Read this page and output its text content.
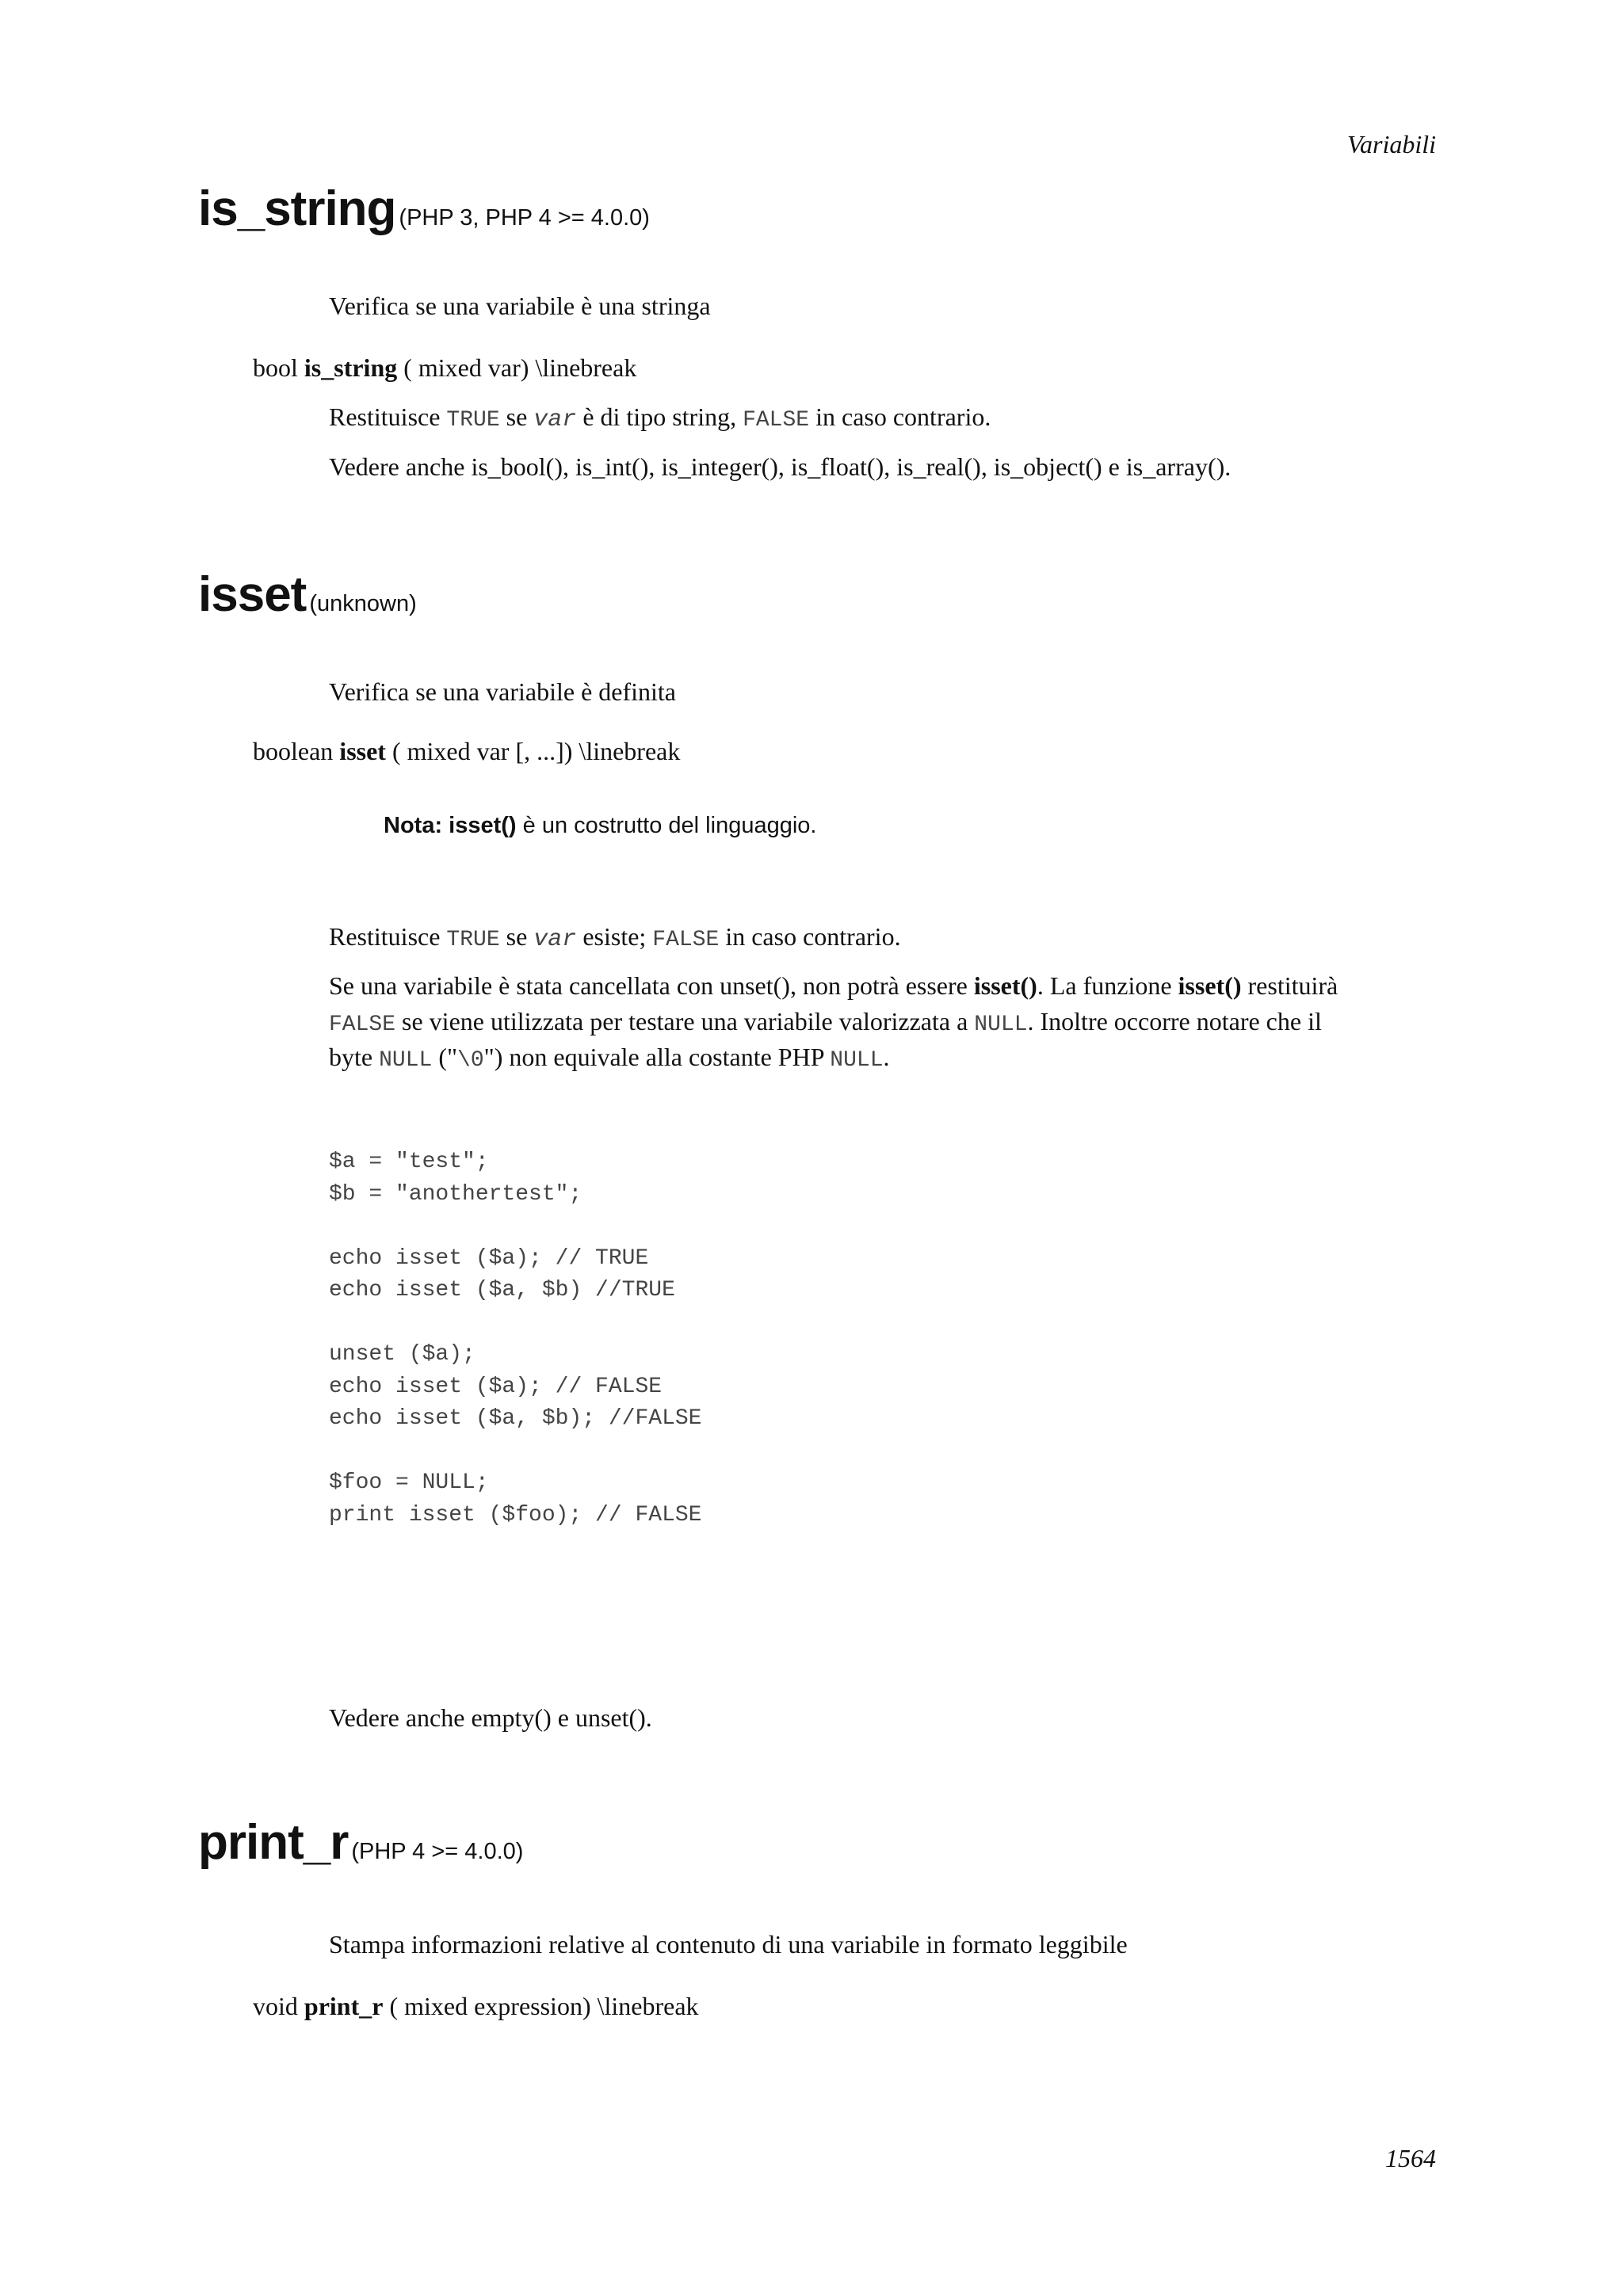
Variabili
is_string (PHP 3, PHP 4 >= 4.0.0)
Verifica se una variabile è una stringa
bool is_string ( mixed var) \linebreak
Restituisce TRUE se var è di tipo string, FALSE in caso contrario.
Vedere anche is_bool(), is_int(), is_integer(), is_float(), is_real(), is_object() e is_array().
isset (unknown)
Verifica se una variabile è definita
boolean isset ( mixed var [, ...]) \linebreak
Nota: isset() è un costrutto del linguaggio.
Restituisce TRUE se var esiste; FALSE in caso contrario.
Se una variabile è stata cancellata con unset(), non potrà essere isset(). La funzione isset() restituirà
FALSE se viene utilizzata per testare una variabile valorizzata a NULL. Inoltre occorre notare che il
byte NULL ("\0") non equivale alla costante PHP NULL.
$a = "test";
$b = "anothertest";

echo isset ($a); // TRUE
echo isset ($a, $b) //TRUE

unset ($a);
echo isset ($a); // FALSE
echo isset ($a, $b); //FALSE

$foo = NULL;
print isset ($foo); // FALSE
Vedere anche empty() e unset().
print_r (PHP 4 >= 4.0.0)
Stampa informazioni relative al contenuto di una variabile in formato leggibile
void print_r ( mixed expression) \linebreak
1564
